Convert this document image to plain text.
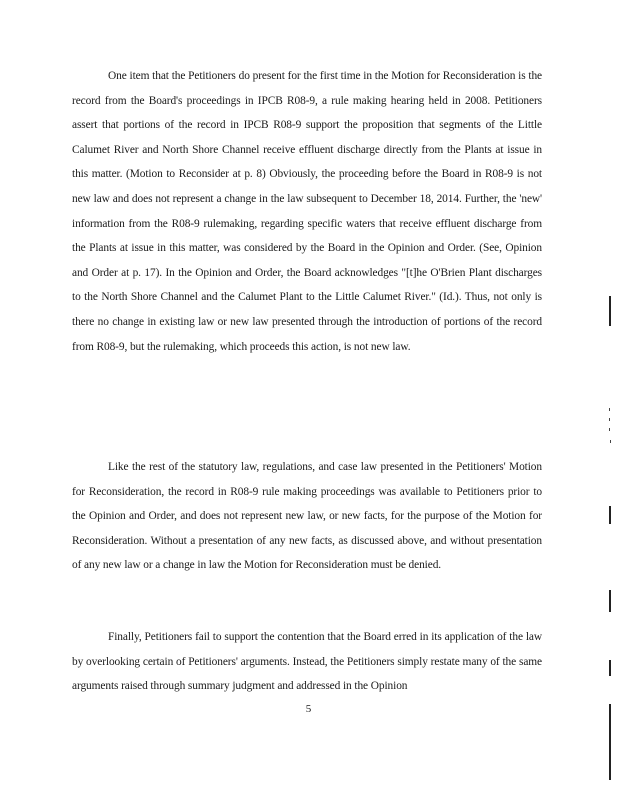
One item that the Petitioners do present for the first time in the Motion for Reconsideration is the record from the Board's proceedings in IPCB R08-9, a rule making hearing held in 2008. Petitioners assert that portions of the record in IPCB R08-9 support the proposition that segments of the Little Calumet River and North Shore Channel receive effluent discharge directly from the Plants at issue in this matter. (Motion to Reconsider at p. 8) Obviously, the proceeding before the Board in R08-9 is not new law and does not represent a change in the law subsequent to December 18, 2014. Further, the 'new' information from the R08-9 rulemaking, regarding specific waters that receive effluent discharge from the Plants at issue in this matter, was considered by the Board in the Opinion and Order. (See, Opinion and Order at p. 17). In the Opinion and Order, the Board acknowledges "[t]he O'Brien Plant discharges to the North Shore Channel and the Calumet Plant to the Little Calumet River." (Id.). Thus, not only is there no change in existing law or new law presented through the introduction of portions of the record from R08-9, but the rulemaking, which proceeds this action, is not new law.

Like the rest of the statutory law, regulations, and case law presented in the Petitioners' Motion for Reconsideration, the record in R08-9 rule making proceedings was available to Petitioners prior to the Opinion and Order, and does not represent new law, or new facts, for the purpose of the Motion for Reconsideration. Without a presentation of any new facts, as discussed above, and without presentation of any new law or a change in law the Motion for Reconsideration must be denied.

Finally, Petitioners fail to support the contention that the Board erred in its application of the law by overlooking certain of Petitioners' arguments. Instead, the Petitioners simply restate many of the same arguments raised through summary judgment and addressed in the Opinion

5
